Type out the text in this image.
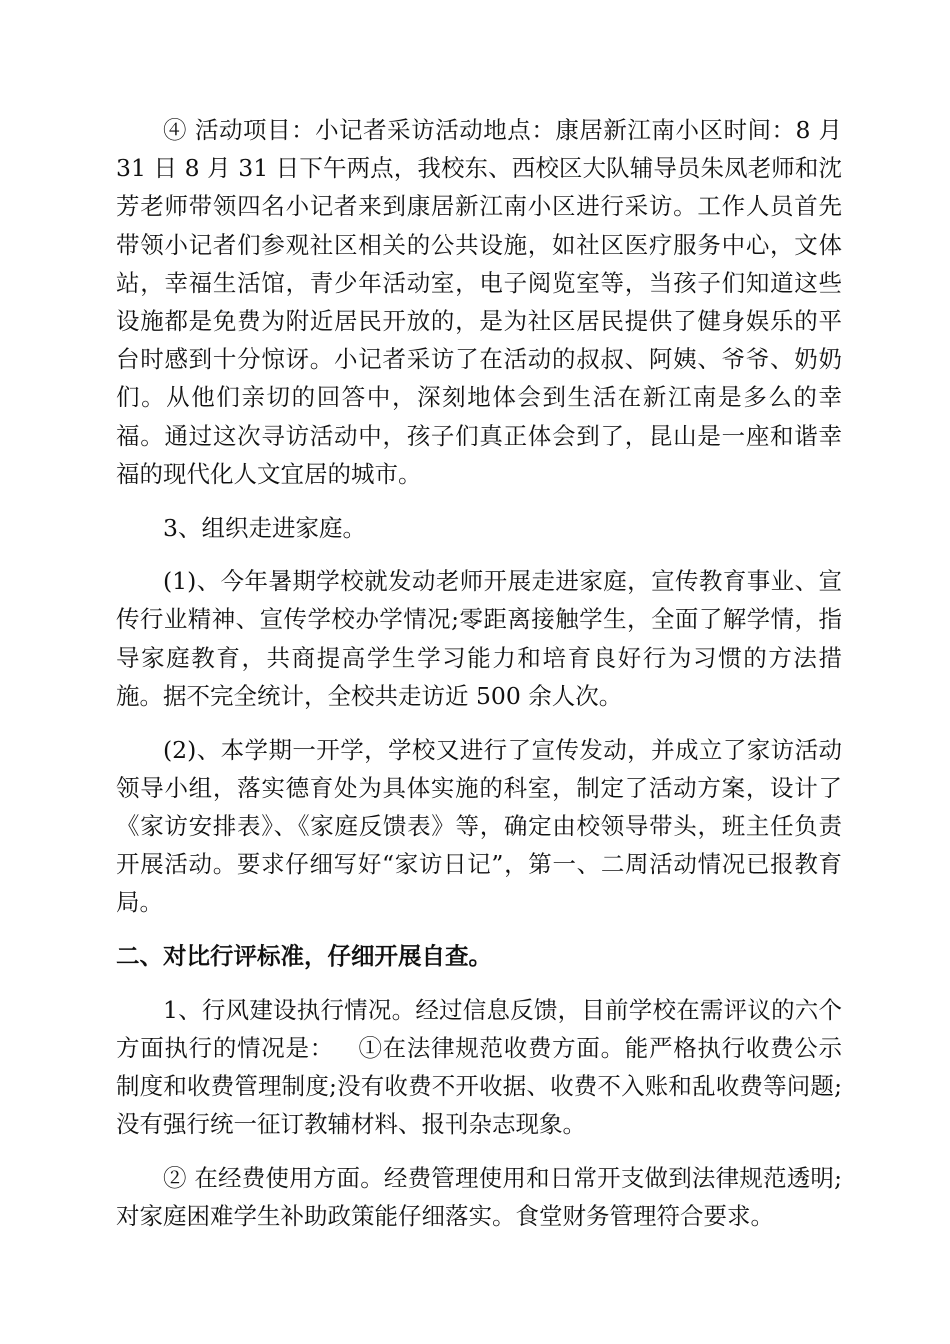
④ 活动项目：小记者采访活动地点：康居新江南小区时间：8 月 31 日 8 月 31 日下午两点，我校东、西校区大队辅导员朱凤老师和沈芳老师带领四名小记者来到康居新江南小区进行采访。工作人员首先带领小记者们参观社区相关的公共设施，如社区医疗服务中心，文体站，幸福生活馆，青少年活动室，电子阅览室等，当孩子们知道这些设施都是免费为附近居民开放的，是为社区居民提供了健身娱乐的平台时感到十分惊讶。小记者采访了在活动的叔叔、阿姨、爷爷、奶奶们。从他们亲切的回答中，深刻地体会到生活在新江南是多么的幸福。通过这次寻访活动中，孩子们真正体会到了，昆山是一座和谐幸福的现代化人文宜居的城市。

3、组织走进家庭。

(1)、今年暑期学校就发动老师开展走进家庭，宣传教育事业、宣传行业精神、宣传学校办学情况;零距离接触学生，全面了解学情，指导家庭教育，共商提高学生学习能力和培育良好行为习惯的方法措施。据不完全统计，全校共走访近 500 余人次。

(2)、本学期一开学，学校又进行了宣传发动，并成立了家访活动领导小组，落实德育处为具体实施的科室，制定了活动方案，设计了《家访安排表》、《家庭反馈表》等，确定由校领导带头，班主任负责开展活动。要求仔细写好“家访日记”，第一、二周活动情况已报教育局。

二、对比行评标准，仔细开展自查。

1、行风建设执行情况。经过信息反馈，目前学校在需评议的六个方面执行的情况是：   ①在法律规范收费方面。能严格执行收费公示制度和收费管理制度;没有收费不开收据、收费不入账和乱收费等问题;没有强行统一征订教辅材料、报刊杂志现象。

② 在经费使用方面。经费管理使用和日常开支做到法律规范透明;对家庭困难学生补助政策能仔细落实。食堂财务管理符合要求。
